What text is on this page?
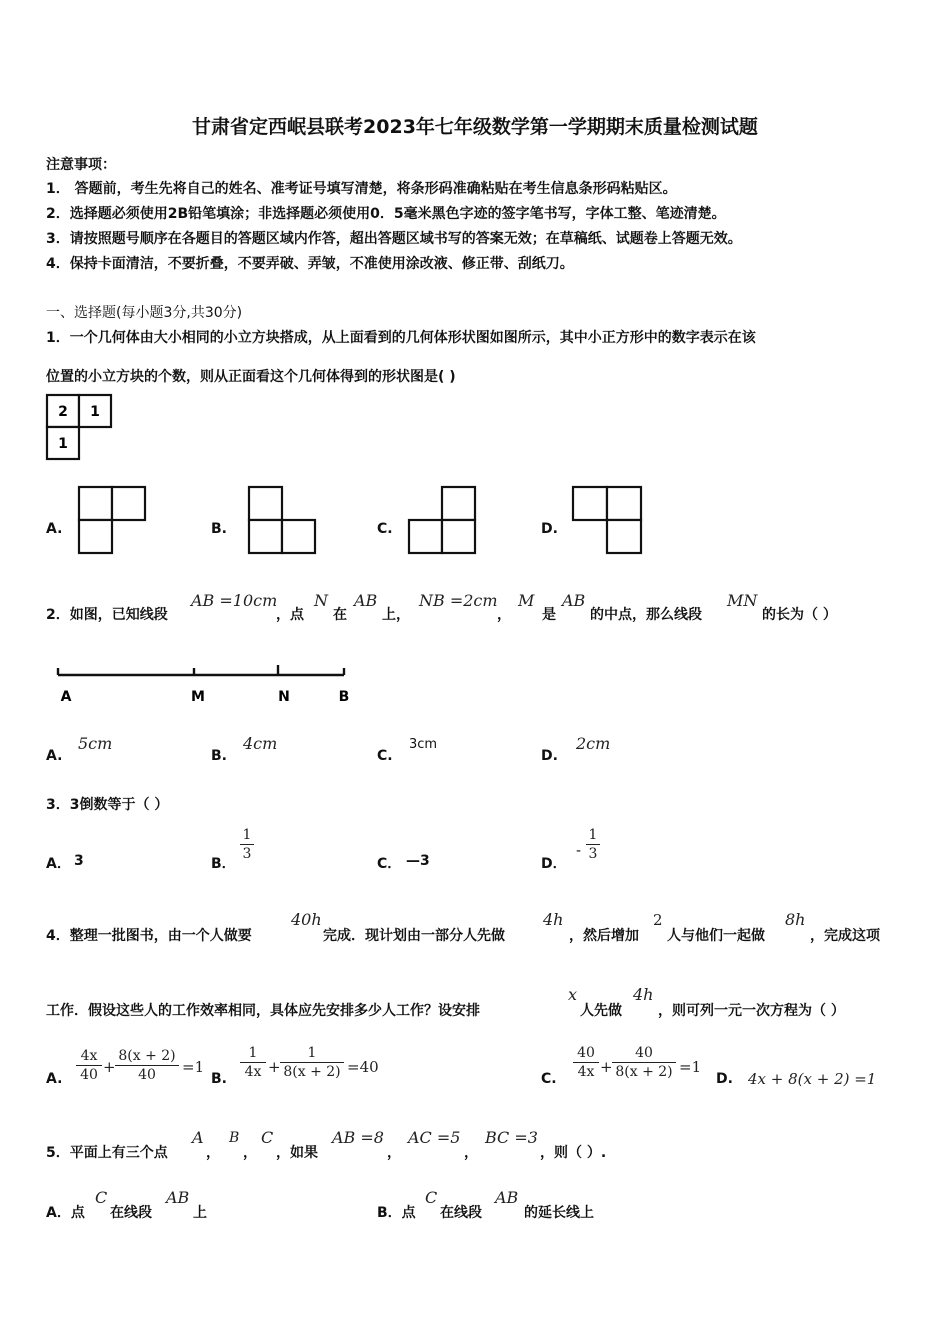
甘肃省定西岷县联考2023年七年级数学第一学期期末质量检测试题
注意事项：
1． 答题前，考生先将自己的姓名、准考证号填写清楚，将条形码准确粘贴在考生信息条形码粘贴区。
2．选择题必须使用2B铅笔填涂；非选择题必须使用0．5毫米黑色字迹的签字笔书写，字体工整、笔迹清楚。
3．请按照题号顺序在各题目的答题区域内作答，超出答题区域书写的答案无效；在草稿纸、试题卷上答题无效。
4．保持卡面清洁，不要折叠，不要弄破、弄皱，不准使用涂改液、修正带、刮纸刀。
一、选择题(每小题3分,共30分)
1．一个几何体由大小相同的小立方块搭成，从上面看到的几何体形状图如图所示，其中小正方形中的数字表示在该
位置的小立方块的个数，则从正面看这个几何体得到的形状图是( )
2 1
1
A.	B.	C.	D.
2．如图，已知线段
AB =10cm
，点
N
在
AB
上，
NB =2cm
，
M
是
AB
的中点，那么线段
MN
的长为（ ）
A	M	N	B
A.
5cm
B.
4cm
C.
3cm
D.
2cm
3．3倒数等于（ ）
A． 3	B．
1
3
C． —3	D．
-
1
3
4．整理一批图书，由一个人做要
40h
完成．现计划由一部分人先做
4h
，然后增加
2
人与他们一起做
8h
，完成这项
工作．假设这些人的工作效率相同，具体应先安排多少人工作？设安排
x
人先做
4h
，则可列一元一次方程为（ ）
A.
4x
40 +
8(x + 2)
40	=1
B.
1
4x +
1
8(x + 2) =40
C.
40
4x +
40
8(x + 2) =1
D. 4x + 8(x + 2) =1
5．平面上有三个点
A
，
B
，
C
，如果
AB =8
，
AC =5
，
BC =3
，则（ ）.
A．点
C
在线段
AB
上	B．点
C
在线段
AB
的延长线上
